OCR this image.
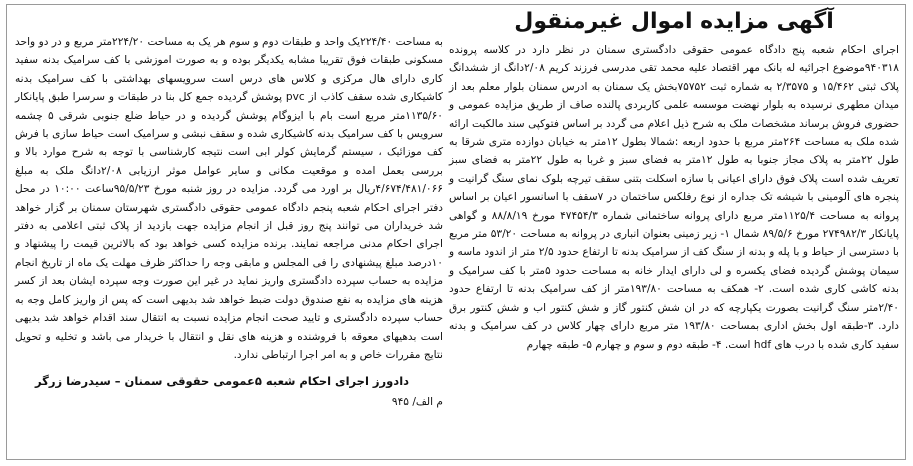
آگهی مزایده اموال غیرمنقول
اجرای احکام شعبه پنج دادگاه عمومی حقوقی دادگستری سمنان در نظر دارد در کلاسه پرونده ۹۴۰۳۱۸موضوع اجرائیه له بانک مهر اقتصاد علیه محمد تقی مدرسی فرزند کریم ۲/۰۸دانگ از ششدانگ پلاک ثبتی ۱۵/۴۶۲ و ۲/۳۵۷۵ به شماره ثبت ۷۵۷۵۲بخش یک سمنان به ادرس سمنان بلوار معلم بعد از میدان مطهری نرسیده به بلوار نهضت موسسه علمی کاربردی پالنده صاف از طریق مزایده عمومی و حضوری فروش برساند مشخصات ملک به شرح ذیل اعلام می گردد بر اساس فتوکپی سند مالکیت ارائه شده ملک به مساحت ۲۶۴متر مربع با حدود اربعه :شمالا بطول ۱۲متر به خیابان دوازده متری شرقا به طول ۲۲متر به پلاک مجاز جنوبا به طول ۱۲متر به فضای سبز و غربا به طول ۲۲متر به فضای سبز تعریف شده است پلاک فوق دارای اعیانی با سازه اسکلت بتنی سقف تیرچه بلوک نمای سنگ گرانیت و پنجره های آلومینی با شیشه تک جداره از نوع رفلکس ساختمان در ۷سقف با اسانسور اعیان بر اساس پروانه به مساحت ۱۱۲۵/۴متر مربع دارای پروانه ساختمانی شماره ۴۷۴۵۴/۳ مورخ ۸۸/۸/۱۹ و گواهی پایانکار ۲۷۴۹۸۲/۳ مورخ ۸۹/۵/۶ شمال ۱- زیر زمینی بعنوان انباری در پروانه به مساحت ۵۳/۲۰ متر مربع با دسترسی از حیاط و با پله و بدنه از سنگ کف از سرامیک بدنه تا ارتفاع حدود ۲/۵ متر از اندود ماسه و سیمان پوشش گردیده فضای یکسره و لی دارای ایدار خانه به مساحت حدود ۵متر با کف سرامیک و بدنه کاشی کاری شده است. ۲- همکف به مساحت ۱۹۳/۸۰متر از کف سرامیک بدنه تا ارتفاع حدود ۲/۴۰متر سنگ گرانیت بصورت یکپارچه که در ان شش کنتور گاز و شش کنتور اب و شش کنتور برق دارد. ۳-طبقه اول بخش اداری بمساحت ۱۹۳/۸۰ متر مربع دارای چهار کلاس در کف سرامیک و بدنه سفید کاری شده با درب های hdf است. ۴- طبقه دوم و سوم و چهارم ۵- طبقه چهارم
به مساحت ۲۲۴/۴۰یک واحد و طبقات دوم و سوم هر یک به مساحت ۲۲۴/۲۰متر مربع و در دو واحد مسکونی طبقات فوق تقریبا مشابه یکدیگر بوده و به صورت اموزشی با کف سرامیک بدنه سفید کاری دارای هال مرکزی و کلاس های درس است سرویسهای بهداشتی با کف سرامیک بدنه کاشیکاری شده سقف کاذب از pvc پوشش گردیده جمع کل بنا در طبقات و سرسرا طبق پایانکار ۱۱۳۵/۶۰متر مربع است بام با ایزوگام پوشش گردیده و در حیاط ضلع جنوبی شرقی ۵ چشمه سرویس با کف سرامیک بدنه کاشیکاری شده و سقف نبشی و سرامیک است حیاط سازی با فرش کف موزائیک ، سیستم گرمایش کولر ابی است نتیجه کارشناسی با توجه به شرح موارد بالا و بررسی بعمل امده و موقعیت مکانی و سایر عوامل موثر ارزیابی ۲/۰۸دانگ ملک به مبلغ ۴/۶۷۴/۴۸۱/۰۶۶ریال بر اورد می گردد. مزایده در روز شنبه مورخ ۹۵/۵/۲۳ساعت ۱۰:۰۰ در محل دفتر اجرای احکام شعبه پنجم دادگاه عمومی حقوقی دادگستری شهرستان سمنان بر گزار خواهد شد خریداران می توانند پنج روز قبل از انجام مزایده جهت بازدید از پلاک ثبتی اعلامی به دفتر اجرای احکام مدنی مراجعه نمایند. برنده مزایده کسی خواهد بود که بالاترین قیمت را پیشنهاد و ۱۰درصد مبلغ پیشنهادی را فی المجلس و مابقی وجه را حداکثر ظرف مهلت یک ماه از تاریخ انجام مزایده به حساب سپرده دادگستری واریز نماید در غیر این صورت وجه سپرده ایشان بعد از کسر هزینه های مزایده به نفع صندوق دولت ضبط خواهد شد بدیهی است که پس از واریز کامل وجه به حساب سپرده دادگستری و تایید صحت انجام مزایده نسبت به انتقال سند اقدام خواهد شد بدیهی است بدهیهای معوقه با فروشنده و هزینه های نقل و انتقال با خریدار می باشد و تخلیه و تحویل نتایج مقررات خاص و به امر اجرا ارتباطی ندارد.
دادورز اجرای احکام شعبه ۵عمومی حقوقی سمنان – سیدرضا زرگر
م الف/ ۹۴۵
